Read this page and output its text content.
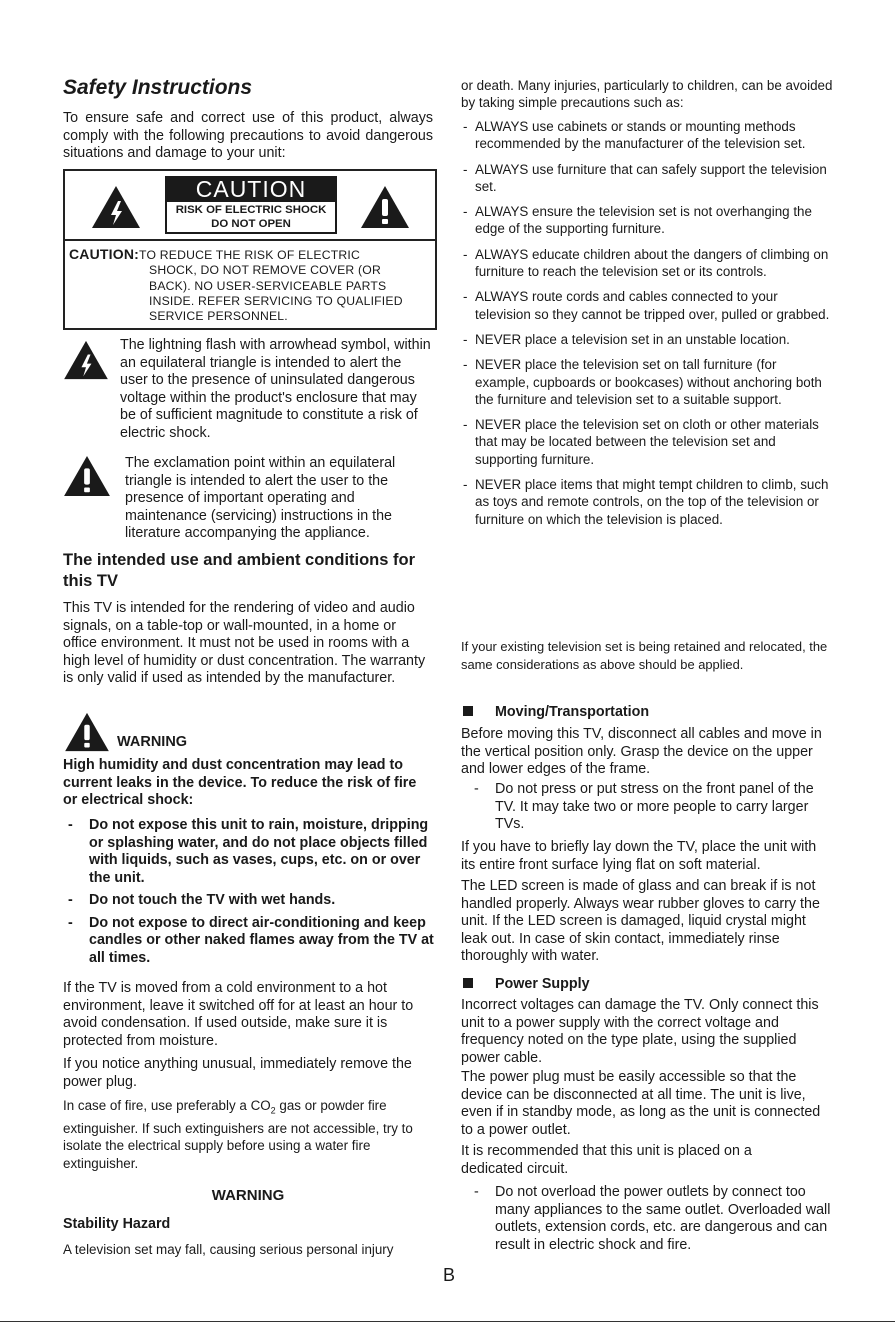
Safety Instructions
To ensure safe and correct use of this product, always comply with the following precautions to avoid dangerous situations and damage to your unit:
CAUTION
RISK OF ELECTRIC SHOCK
DO NOT OPEN
CAUTION:TO REDUCE THE RISK OF ELECTRIC
SHOCK, DO NOT REMOVE COVER (OR
BACK). NO USER-SERVICEABLE PARTS
INSIDE. REFER SERVICING TO QUALIFIED
SERVICE PERSONNEL.
The lightning flash with arrowhead symbol, within an equilateral triangle is intended to alert the user to the presence of uninsulated dangerous voltage within the product's enclosure that may be of sufficient magnitude to constitute a risk of electric shock.
The exclamation point within an equilateral triangle is intended to alert the user to the presence of important operating and maintenance (servicing) instructions in the literature accompanying the appliance.
The intended use and ambient conditions for this TV
This TV is intended for the rendering of video and audio signals, on a table-top or wall-mounted, in a home or office environment. It must not be used in rooms with a high level of humidity or dust concentration. The warranty is only valid if used as intended by the manufacturer.
WARNING
High humidity and dust concentration may lead to current leaks in the device. To reduce the risk of fire or electrical shock:
- Do not expose this unit to rain, moisture, dripping or splashing water, and do not place objects filled with liquids, such as vases, cups, etc. on or over the unit.
- Do not touch the TV with wet hands.
- Do not expose to direct air-conditioning and keep candles or other naked flames away from the TV at all times.
If the TV is moved from a cold environment to a hot environment, leave it switched off for at least an hour to avoid condensation. If used outside, make sure it is protected from moisture.
If you notice anything unusual, immediately remove the power plug.
In case of fire, use preferably a $CO_2$ gas or powder fire extinguisher. If such extinguishers are not accessible, try to isolate the electrical supply before using a water fire extinguisher.
WARNING
Stability Hazard
A television set may fall, causing serious personal injury
or death. Many injuries, particularly to children, can be avoided by taking simple precautions such as:
- ALWAYS use cabinets or stands or mounting methods recommended by the manufacturer of the television set.
- ALWAYS use furniture that can safely support the television set.
- ALWAYS ensure the television set is not overhanging the edge of the supporting furniture.
- ALWAYS educate children about the dangers of climbing on furniture to reach the television set or its controls.
- ALWAYS route cords and cables connected to your television so they cannot be tripped over, pulled or grabbed.
- NEVER place a television set in an unstable location.
- NEVER place the television set on tall furniture (for example, cupboards or bookcases) without anchoring both the furniture and television set to a suitable support.
- NEVER place the television set on cloth or other materials that may be located between the television set and supporting furniture.
- NEVER place items that might tempt children to climb, such as toys and remote controls, on the top of the television or furniture on which the television is placed.
If your existing television set is being retained and relocated, the same considerations as above should be applied.
Moving/Transportation
Before moving this TV, disconnect all cables and move in the vertical position only. Grasp the device on the upper and lower edges of the frame.
- Do not press or put stress on the front panel of the TV. It may take two or more people to carry larger TVs.
If you have to briefly lay down the TV, place the unit with its entire front surface lying flat on soft material.
The LED screen is made of glass and can break if is not handled properly. Always wear rubber gloves to carry the unit. If the LED screen is damaged, liquid crystal might leak out. In case of skin contact, immediately rinse thoroughly with water.
Power Supply
Incorrect voltages can damage the TV. Only connect this unit to a power supply with the correct voltage and frequency noted on the type plate, using the supplied power cable.
The power plug must be easily accessible so that the device can be disconnected at all time. The unit is live, even if in standby mode, as long as the unit is connected to a power outlet.
It is recommended that this unit is placed on a dedicated circuit.
- Do not overload the power outlets by connect too many appliances to the same outlet. Overloaded wall outlets, extension cords, etc. are dangerous and can result in electric shock and fire.
B
